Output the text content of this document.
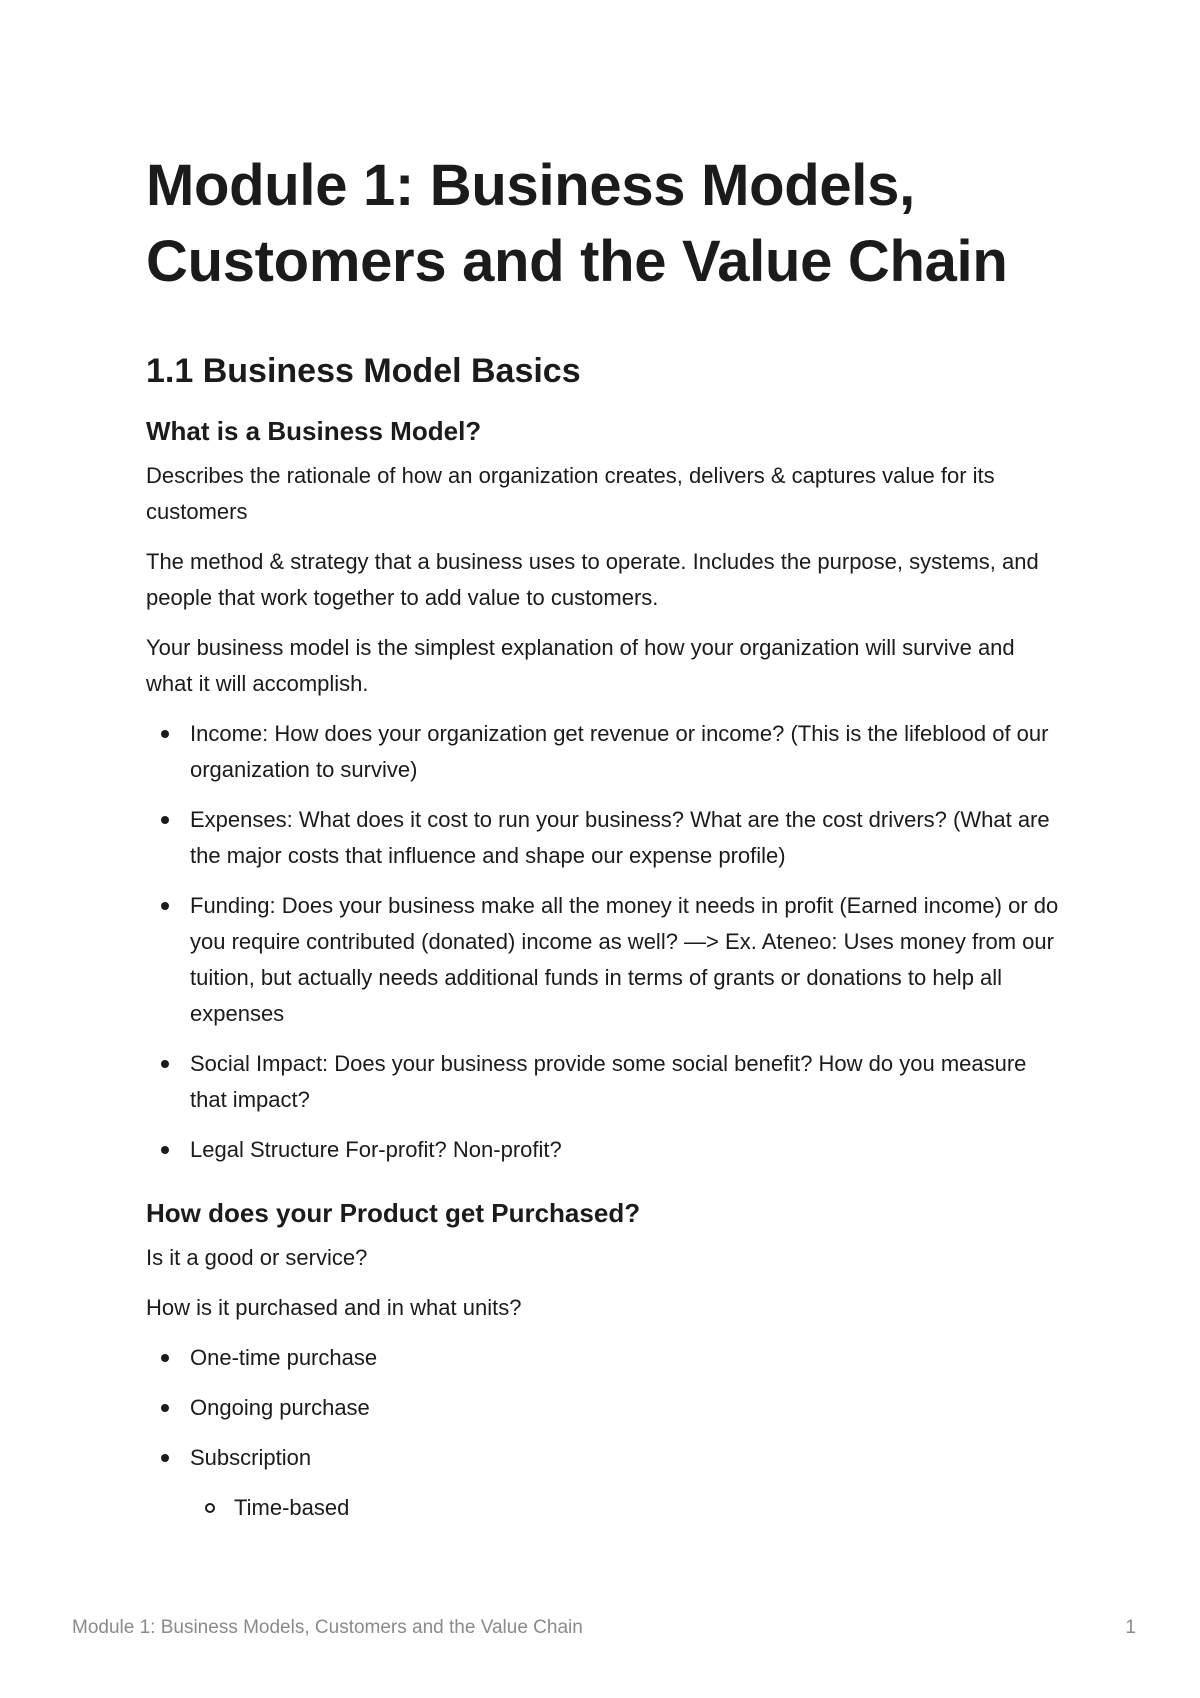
Module 1: Business Models, Customers and the Value Chain
1.1 Business Model Basics
What is a Business Model?

Describes the rationale of how an organization creates, delivers & captures value for its customers

The method & strategy that a business uses to operate. Includes the purpose, systems, and people that work together to add value to customers.

Your business model is the simplest explanation of how your organization will survive and what it will accomplish.

Income: How does your organization get revenue or income? (This is the lifeblood of our organization to survive)
Expenses: What does it cost to run your business? What are the cost drivers? (What are the major costs that influence and shape our expense profile)
Funding: Does your business make all the money it needs in profit (Earned income) or do you require contributed (donated) income as well? —> Ex. Ateneo: Uses money from our tuition, but actually needs additional funds in terms of grants or donations to help all expenses
Social Impact: Does your business provide some social benefit? How do you measure that impact?
Legal Structure For-profit? Non-profit?
How does your Product get Purchased?

Is it a good or service?

How is it purchased and in what units?

One-time purchase
Ongoing purchase
Subscription
Time-based
Module 1: Business Models, Customers and the Value Chain	1
